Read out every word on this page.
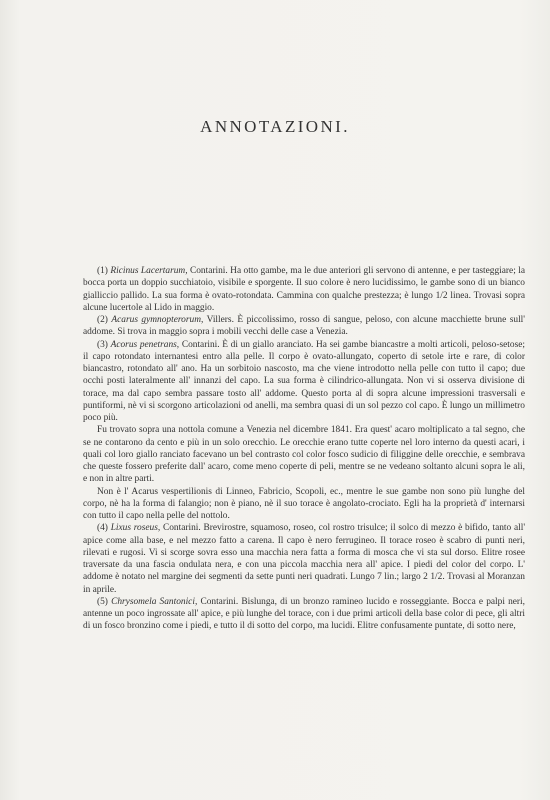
ANNOTAZIONI.

(1) Ricinus Lacertarum, Contarini. Ha otto gambe, ma le due anteriori gli servono di antenne, e per tasteggiare; la bocca porta un doppio succhiatoio, visibile e sporgente. Il suo colore è nero lucidissimo, le gambe sono di un bianco gialliccio pallido. La sua forma è ovato-rotondata. Cammina con qualche prestezza; è lungo 1/2 linea. Trovasi sopra alcune lucertole al Lido in maggio.

(2) Acarus gymnopterorum, Villers. È piccolissimo, rosso di sangue, peloso, con alcune macchiette brune sull' addome. Si trova in maggio sopra i mobili vecchi delle case a Venezia.

(3) Acorus penetrans, Contarini. È di un giallo aranciato. Ha sei gambe biancastre a molti articoli, peloso-setose; il capo rotondato internantesi entro alla pelle. Il corpo è ovato-allungato, coperto di setole irte e rare, di color biancastro, rotondato all' ano. Ha un sorbitoio nascosto, ma che viene introdotto nella pelle con tutto il capo; due occhi posti lateralmente all' innanzi del capo. La sua forma è cilindrico-allungata. Non vi si osserva divisione di torace, ma dal capo sembra passare tosto all' addome. Questo porta al di sopra alcune impressioni trasversali e puntiformi, nè vi si scorgono articolazioni od anelli, ma sembra quasi di un sol pezzo col capo. È lungo un millimetro poco più.

Fu trovato sopra una nottola comune a Venezia nel dicembre 1841. Era quest' acaro moltiplicato a tal segno, che se ne contarono da cento e più in un solo orecchio. Le orecchie erano tutte coperte nel loro interno da questi acari, i quali col loro giallo ranciato facevano un bel contrasto col color fosco sudicio di filiggine delle orecchie, e sembrava che queste fossero preferite dall' acaro, come meno coperte di peli, mentre se ne vedeano soltanto alcuni sopra le ali, e non in altre parti.

Non è l' Acarus vespertilionis di Linneo, Fabricio, Scopoli, ec., mentre le sue gambe non sono più lunghe del corpo, nè ha la forma di falangio; non è piano, nè il suo torace è angolato-crociato. Egli ha la proprietà d' internarsi con tutto il capo nella pelle del nottolo.

(4) Lixus roseus, Contarini. Brevirostre, squamoso, roseo, col rostro trisulce; il solco di mezzo è bifido, tanto all' apice come alla base, e nel mezzo fatto a carena. Il capo è nero ferrugineo. Il torace roseo è scabro di punti neri, rilevati e rugosi. Vi si scorge sovra esso una macchia nera fatta a forma di mosca che vi sta sul dorso. Elitre rosee traversate da una fascia ondulata nera, e con una piccola macchia nera all' apice. I piedi del color del corpo. L' addome è notato nel margine dei segmenti da sette punti neri quadrati. Lungo 7 lin.; largo 2 1/2. Trovasi al Moranzan in aprile.

(5) Chrysomela Santonici, Contarini. Bislunga, di un bronzo ramineo lucido e rosseggiante. Bocca e palpi neri, antenne un poco ingrossate all' apice, e più lunghe del torace, con i due primi articoli della base color di pece, gli altri di un fosco bronzino come i piedi, e tutto il di sotto del corpo, ma lucidi. Elitre confusamente puntate, di sotto nere,
